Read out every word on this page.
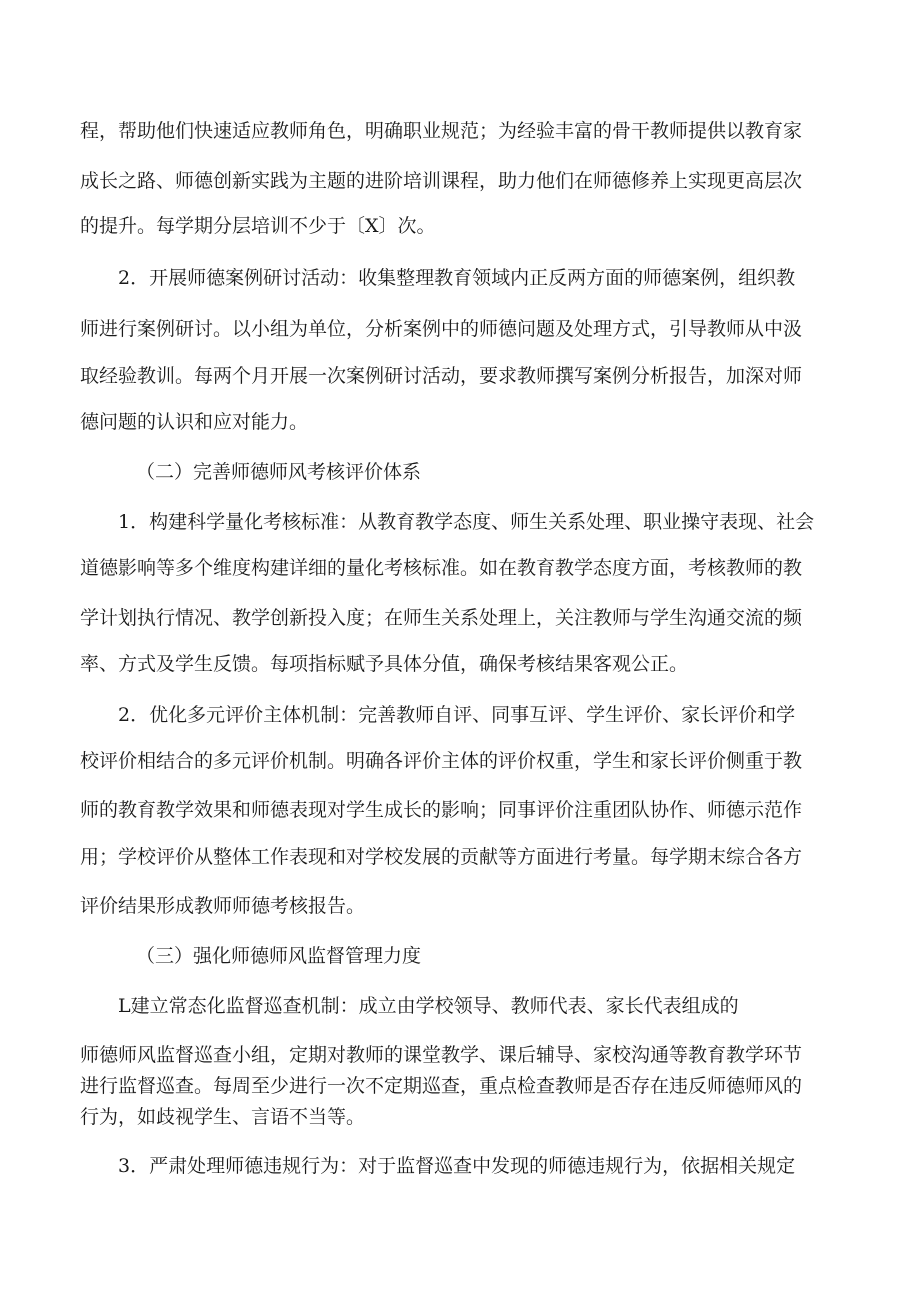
程，帮助他们快速适应教师角色，明确职业规范；为经验丰富的骨干教师提供以教育家
成长之路、师德创新实践为主题的进阶培训课程，助力他们在师德修养上实现更高层次
的提升。每学期分层培训不少于〔X〕次。
2．开展师德案例研讨活动：收集整理教育领域内正反两方面的师德案例，组织教
师进行案例研讨。以小组为单位，分析案例中的师德问题及处理方式，引导教师从中汲
取经验教训。每两个月开展一次案例研讨活动，要求教师撰写案例分析报告，加深对师
德问题的认识和应对能力。
（二）完善师德师风考核评价体系
1．构建科学量化考核标准：从教育教学态度、师生关系处理、职业操守表现、社会
道德影响等多个维度构建详细的量化考核标准。如在教育教学态度方面，考核教师的教
学计划执行情况、教学创新投入度；在师生关系处理上，关注教师与学生沟通交流的频
率、方式及学生反馈。每项指标赋予具体分值，确保考核结果客观公正。
2．优化多元评价主体机制：完善教师自评、同事互评、学生评价、家长评价和学
校评价相结合的多元评价机制。明确各评价主体的评价权重，学生和家长评价侧重于教
师的教育教学效果和师德表现对学生成长的影响；同事评价注重团队协作、师德示范作
用；学校评价从整体工作表现和对学校发展的贡献等方面进行考量。每学期末综合各方
评价结果形成教师师德考核报告。
（三）强化师德师风监督管理力度
L建立常态化监督巡查机制：成立由学校领导、教师代表、家长代表组成的
师德师风监督巡查小组，定期对教师的课堂教学、课后辅导、家校沟通等教育教学环节
进行监督巡查。每周至少进行一次不定期巡查，重点检查教师是否存在违反师德师风的
行为，如歧视学生、言语不当等。
3．严肃处理师德违规行为：对于监督巡查中发现的师德违规行为，依据相关规定
